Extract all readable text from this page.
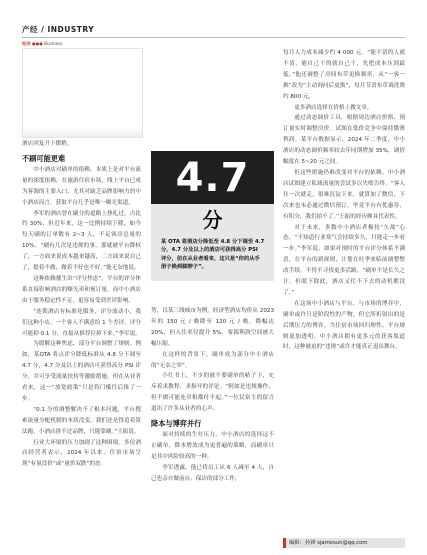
产经 / INDUSTRY
经济 ●●● Business

酒店回复升下微稍。

不刷可能更难

中小酒店对刷单的依赖，本质上是对平台流量的深度依赖。在旅游住宿市场，线上平台已成为客源的主要入口，尤其对缺乏品牌影响力的中小酒店而言，获取平台几乎是唯一曝光渠道。

李军的酒店曾在刷分的道路上挣扎过，占比约 30%，但近年来，这一比例持续下降，如今每天刷的订单数有 2~3 人，不足客房总量的 10%。“刷有几次是违规的事，那就被平台降权了，一方面来说成本越来越高，二方面来说自己了，提着不做，做着不好也不好。”他无奈地说。

这种依赖催生出“评分焦虑”。平台的评分体系直接影响酒店的曝光率和预订量，而中小酒店由于服务稳定性不足，更容易受到差评影响。

“连锁酒店有标准化服务，评分波动小，我们这种小店，一个客人不满意给 1 个差评，评分可能掉 0.1 分，直接从推荐位掉下来。”李军说。

为缓解这种焦虑，部分平台调整了规则。例如，某OTA 将点评分降低标准从 4.8 分下调至 4.7 分，4.7 分及以上的酒店可获得高分 PSI 评分，并可享受流量扶持等激励措施。但在从业者看来，这一“放宽政策”只是将门槛往后推了一步。

“0.1 分的调整解决不了根本问题，平台搜索流量分配机制的本质没变，我们还是得追着算法跑，小酒店拼不过品牌，只能靠刷。”王振说。

行业大环境的压力加剧了这种困境。多位酒店经营者表示，2024 年以来，住宿市场呈现“有量没价”或“量价双跌”的态

4.7
分
某 OTA 将酒店分降低至 4.8 分下调至 4.7 分，4.7 分及以上的酒店可获得高分 PSI 评分，但在从业者看来，这只是“你的从手册子换到脚脖子”。

势，以某三线城市为例，经济型酒店均价从 2023 年的 150 元 / 晚降至 120 元 / 晚，降幅达 20%，但入住率仅提升 5%，客源利润空间被大幅压缩。

在这样的背景下，刷单成为部分中小酒店的“无奈之举”。

小红书上，不少的被不要刷单的帖子下，充斥着求教程、求指导的评论。“阿如是违规操作，但不做可能连房租都付不起。”一位民宿主的留言道出了许多从业者的心声。

降本与博弈并行

面对持续的生存压力，中小酒店的选择远不止刷单。降本增效成为更普遍的策略，而刷单只是其中风险较高的一种。

李军透露，他已将员工从 6 人减至 4 人，自己也亲自做前台、保洁的部分工作，

每月人力成本减少约 4 000 元。“能不请的人就不请，能自己干的就自己干，先把成本压到最低。”他还调整了房间布草更换频率，从“一客一换”改为“主动询问后更换”，每月节省布草调洗费约 800 元。

更多酒店选择在价格上做文章。

通过动态调价工具，根据周边酒店价格、预订量实时调整房价。试图在低价竞争中保持微薄利润。某平台数据显示，2024 年二季度，中小酒店的动态调价频率较去年同期增加 35%，调价幅度在 5~20 元之间。

但这些措施仍难改变对平台的依赖。中小酒店试图建立私域流量的尝试多以失败告终。“客人住一次就走，很难沉淀下来，就算加了微信，下次来也未必通过微信预订，毕竟平台有优惠券、有积分，我们拍不了。”王振的经历颇具代表性。

对于未来，多数中小酒店者极持“久战”心态。“不知道行业寒气会持续多久，只能走一步看一步。”李军说。如果对现时的平台评分体系不满意，在平台的新规则，计划在旺季来临前调整整改手续，不得不寻找更多活路。“刷单不是长久之计，但眼下除此，酒店又往不下去的动机都没了。”

在这场中小酒店与平台、与市场的博弈中，刷单或许只是阶段性的产物，但它所折射出的是后期压力的博弈。当住宿市场回归理性、平台规则更加透明、中小酒店拥有更多元的获客渠道时，这种被迫的“违规”或许才能真正退出舞台。

编辑：孙锋 sjamesun@qq.com
